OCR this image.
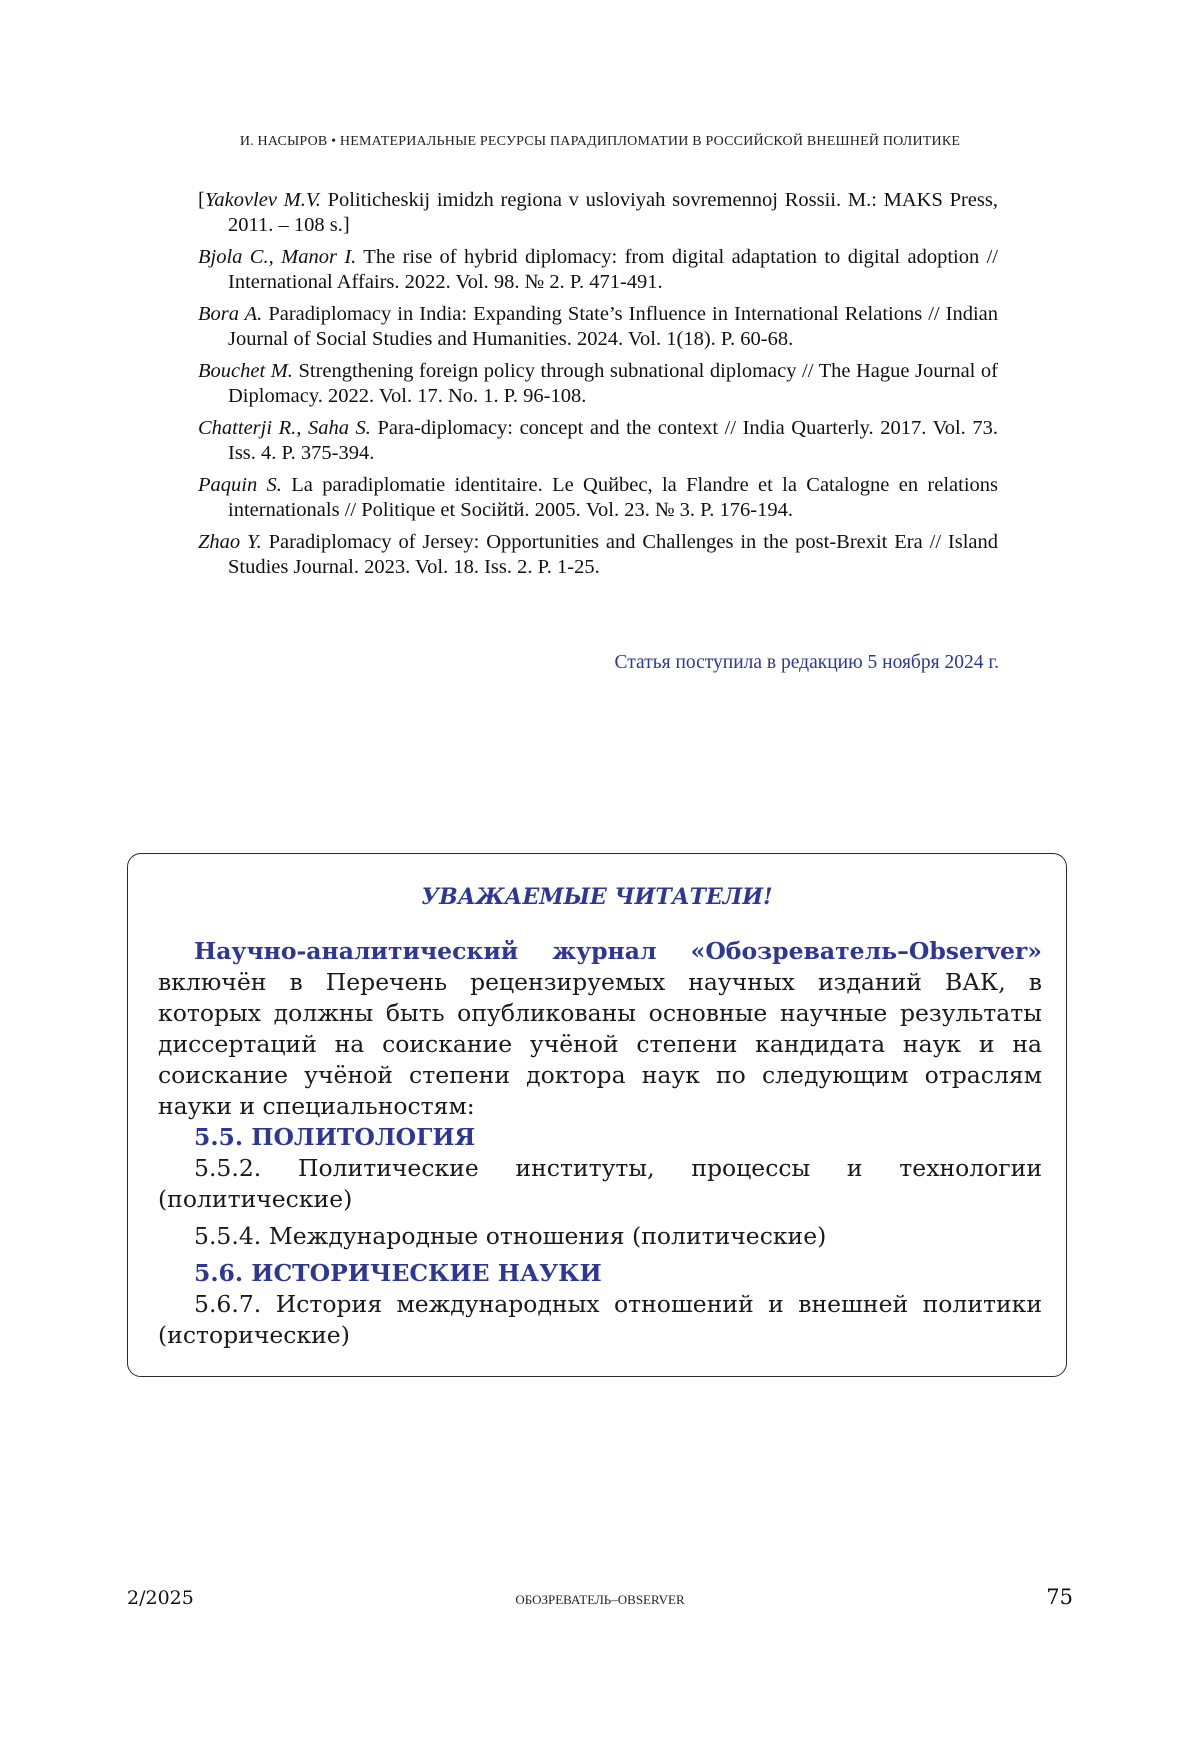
И. НАСЫРОВ • НЕМАТЕРИАЛЬНЫЕ РЕСУРСЫ ПАРАДИПЛОМАТИИ В РОССИЙСКОЙ ВНЕШНЕЙ ПОЛИТИКЕ
[Yakovlev M.V. Politicheskij imidzh regiona v usloviyah sovremennoj Rossii. M.: MAKS Press, 2011. – 108 s.]
Bjola C., Manor I. The rise of hybrid diplomacy: from digital adaptation to digital adoption // International Affairs. 2022. Vol. 98. № 2. P. 471-491.
Bora A. Paradiplomacy in India: Expanding State’s Influence in International Relations // Indian Journal of Social Studies and Humanities. 2024. Vol. 1(18). P. 60-68.
Bouchet M. Strengthening foreign policy through subnational diplomacy // The Hague Journal of Diplomacy. 2022. Vol. 17. No. 1. P. 96-108.
Chatterji R., Saha S. Para-diplomacy: concept and the context // India Quarterly. 2017. Vol. 73. Iss. 4. P. 375-394.
Paquin S. La paradiplomatie identitaire. Le Quйbec, la Flandre et la Catalogne en relations internationals // Politique et Sociйtй. 2005. Vol. 23. № 3. P. 176-194.
Zhao Y. Paradiplomacy of Jersey: Opportunities and Challenges in the post-Brexit Era // Island Studies Journal. 2023. Vol. 18. Iss. 2. P. 1-25.
Статья поступила в редакцию 5 ноября 2024 г.
УВАЖАЕМЫЕ ЧИТАТЕЛИ!

Научно-аналитический журнал «Обозреватель–Observer» включён в Перечень рецензируемых научных изданий ВАК, в которых должны быть опубликованы основные научные результаты диссертаций на соискание учёной степени кандидата наук и на соискание учёной степени доктора наук по следующим отраслям науки и специальностям:

5.5. ПОЛИТОЛОГИЯ

5.5.2. Политические институты, процессы и технологии (политические)

5.5.4. Международные отношения (политические)

5.6. ИСТОРИЧЕСКИЕ НАУКИ

5.6.7. История международных отношений и внешней политики (исторические)

2/2025	ОБОЗРЕВАТЕЛЬ–OBSERVER	75
